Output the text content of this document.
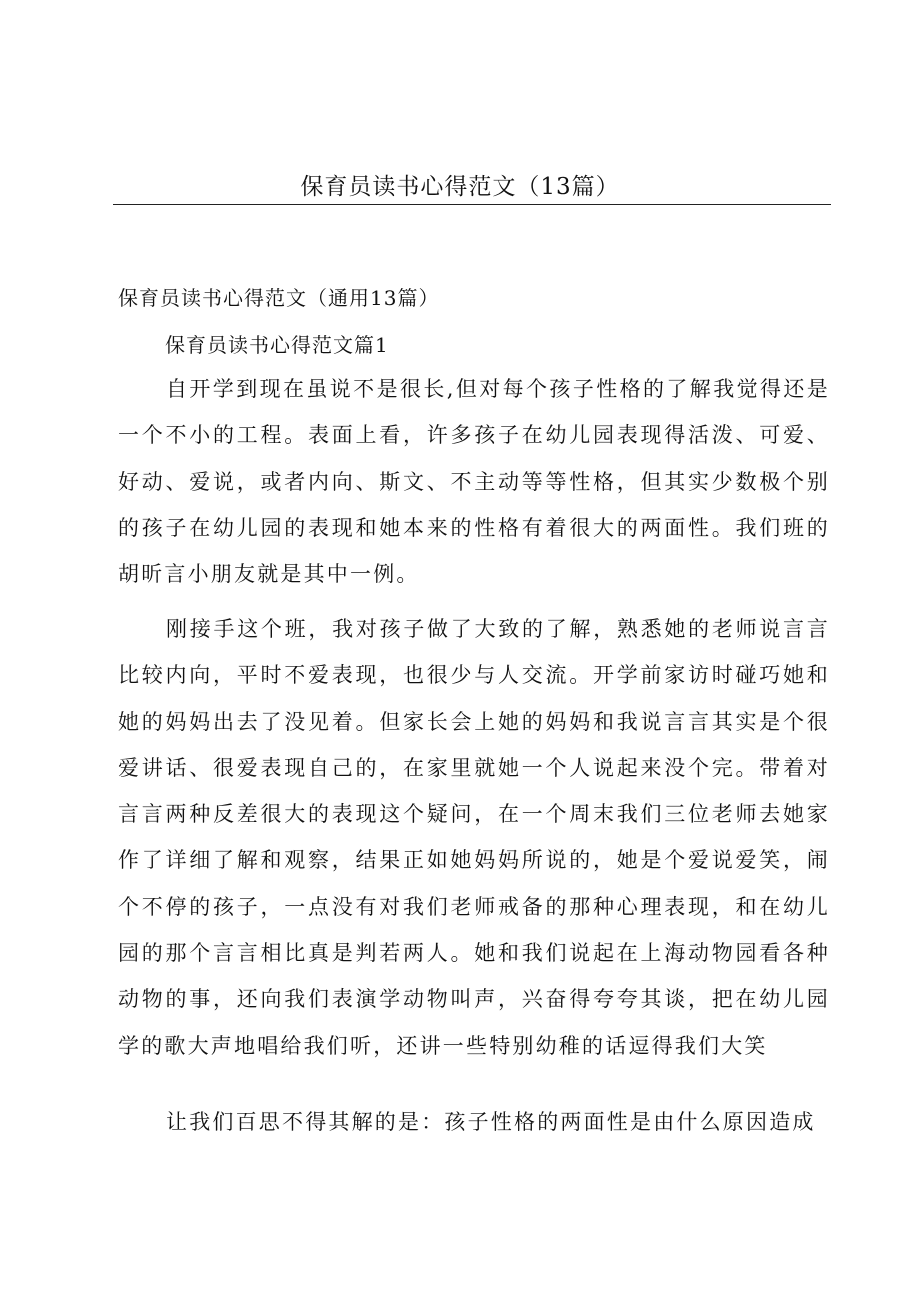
保育员读书心得范文（13篇）
保育员读书心得范文（通用13篇）
保育员读书心得范文篇1

自开学到现在虽说不是很长,但对每个孩子性格的了解我觉得还是一个不小的工程。表面上看，许多孩子在幼儿园表现得活泼、可爱、好动、爱说，或者内向、斯文、不主动等等性格，但其实少数极个别的孩子在幼儿园的表现和她本来的性格有着很大的两面性。我们班的胡昕言小朋友就是其中一例。

刚接手这个班，我对孩子做了大致的了解，熟悉她的老师说言言比较内向，平时不爱表现，也很少与人交流。开学前家访时碰巧她和她的妈妈出去了没见着。但家长会上她的妈妈和我说言言其实是个很爱讲话、很爱表现自己的，在家里就她一个人说起来没个完。带着对言言两种反差很大的表现这个疑问，在一个周末我们三位老师去她家作了详细了解和观察，结果正如她妈妈所说的，她是个爱说爱笑，闹个不停的孩子，一点没有对我们老师戒备的那种心理表现，和在幼儿园的那个言言相比真是判若两人。她和我们说起在上海动物园看各种动物的事，还向我们表演学动物叫声，兴奋得夸夸其谈，把在幼儿园学的歌大声地唱给我们听，还讲一些特别幼稚的话逗得我们大笑

让我们百思不得其解的是：孩子性格的两面性是由什么原因造成
